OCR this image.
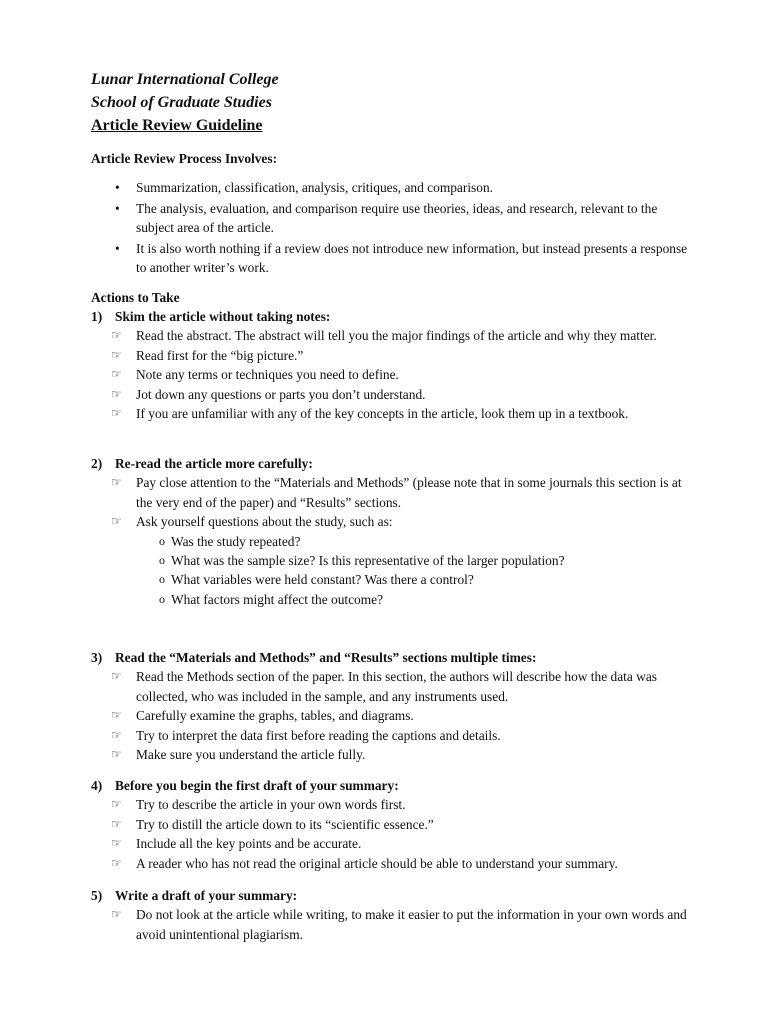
Lunar International College
School of Graduate Studies
Article Review Guideline
Article Review Process Involves:
• Summarization, classification, analysis, critiques, and comparison.
• The analysis, evaluation, and comparison require use theories, ideas, and research, relevant to the subject area of the article.
• It is also worth nothing if a review does not introduce new information, but instead presents a response to another writer’s work.
Actions to Take
1) Skim the article without taking notes:
☞ Read the abstract. The abstract will tell you the major findings of the article and why they matter.
☞ Read first for the “big picture.”
☞ Note any terms or techniques you need to define.
☞ Jot down any questions or parts you don’t understand.
☞ If you are unfamiliar with any of the key concepts in the article, look them up in a textbook.
2) Re-read the article more carefully:
☞ Pay close attention to the “Materials and Methods” (please note that in some journals this section is at the very end of the paper) and “Results” sections.
☞ Ask yourself questions about the study, such as:
o Was the study repeated?
o What was the sample size? Is this representative of the larger population?
o What variables were held constant? Was there a control?
o What factors might affect the outcome?
3) Read the “Materials and Methods” and “Results” sections multiple times:
☞ Read the Methods section of the paper. In this section, the authors will describe how the data was collected, who was included in the sample, and any instruments used.
☞ Carefully examine the graphs, tables, and diagrams.
☞ Try to interpret the data first before reading the captions and details.
☞ Make sure you understand the article fully.
4) Before you begin the first draft of your summary:
☞ Try to describe the article in your own words first.
☞ Try to distill the article down to its “scientific essence.”
☞ Include all the key points and be accurate.
☞ A reader who has not read the original article should be able to understand your summary.
5) Write a draft of your summary:
☞ Do not look at the article while writing, to make it easier to put the information in your own words and avoid unintentional plagiarism.
